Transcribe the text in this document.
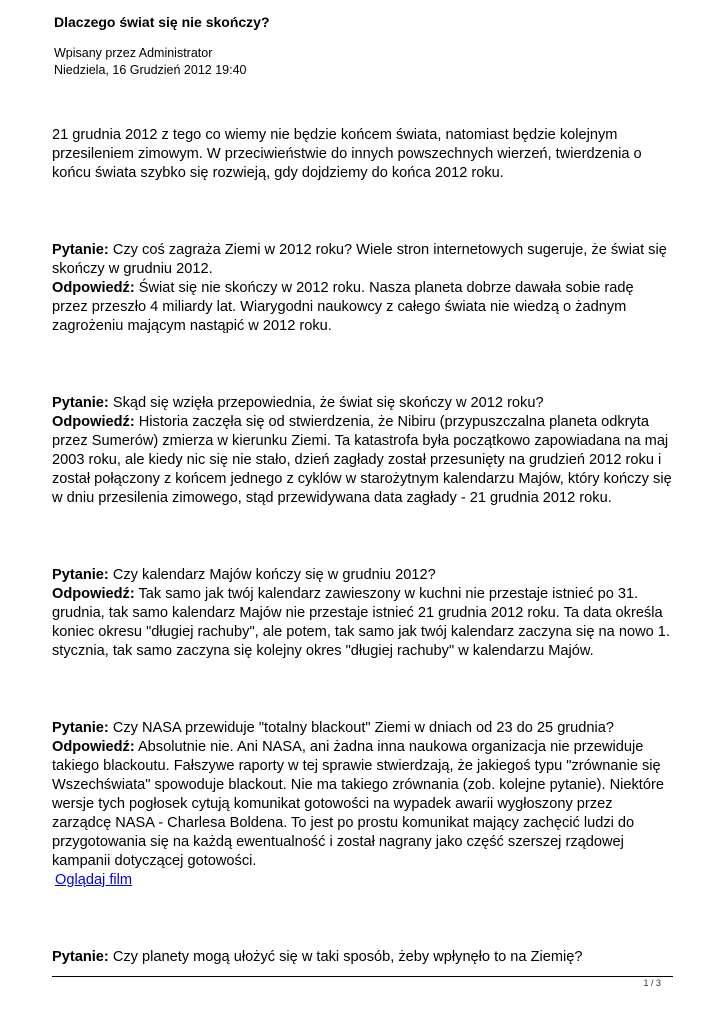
Dlaczego świat się nie skończy?
Wpisany przez Administrator
Niedziela, 16 Grudzień 2012 19:40

21 grudnia 2012 z tego co wiemy nie będzie końcem świata, natomiast będzie kolejnym przesileniem zimowym. W przeciwieństwie do innych powszechnych wierzeń, twierdzenia o końcu świata szybko się rozwieją, gdy dojdziemy do końca 2012 roku.

Pytanie: Czy coś zagraża Ziemi w 2012 roku? Wiele stron internetowych sugeruje, że świat się skończy w grudniu 2012.

Odpowiedź: Świat się nie skończy w 2012 roku. Nasza planeta dobrze dawała sobie radę przez przeszło 4 miliardy lat. Wiarygodni naukowcy z całego świata nie wiedzą o żadnym zagrożeniu mającym nastąpić w 2012 roku.

Pytanie: Skąd się wzięła przepowiednia, że świat się skończy w 2012 roku?

Odpowiedź: Historia zaczęła się od stwierdzenia, że Nibiru (przypuszczalna planeta odkryta przez Sumerów) zmierza w kierunku Ziemi. Ta katastrofa była początkowo zapowiadana na maj 2003 roku, ale kiedy nic się nie stało, dzień zagłady został przesunięty na grudzień 2012 roku i został połączony z końcem jednego z cyklów w starożytnym kalendarzu Majów, który kończy się w dniu przesilenia zimowego, stąd przewidywana data zagłady - 21 grudnia 2012 roku.

Pytanie: Czy kalendarz Majów kończy się w grudniu 2012?

Odpowiedź: Tak samo jak twój kalendarz zawieszony w kuchni nie przestaje istnieć po 31. grudnia, tak samo kalendarz Majów nie przestaje istnieć 21 grudnia 2012 roku. Ta data określa koniec okresu "długiej rachuby", ale potem, tak samo jak twój kalendarz zaczyna się na nowo 1. stycznia, tak samo zaczyna się kolejny okres "długiej rachuby" w kalendarzu Majów.

Pytanie: Czy NASA przewiduje "totalny blackout" Ziemi w dniach od 23 do 25 grudnia?

Odpowiedź: Absolutnie nie. Ani NASA, ani żadna inna naukowa organizacja nie przewiduje takiego blackoutu. Fałszywe raporty w tej sprawie stwierdzają, że jakiegoś typu "zrównanie się Wszechświata" spowoduje blackout. Nie ma takiego zrównania (zob. kolejne pytanie). Niektóre wersje tych pogłosek cytują komunikat gotowości na wypadek awarii wygłoszony przez zarządcę NASA - Charlesa Boldena. To jest po prostu komunikat mający zachęcić ludzi do przygotowania się na każdą ewentualność i został nagrany jako część szerszej rządowej kampanii dotyczącej gotowości.

Oglądaj film

Pytanie: Czy planety mogą ułożyć się w taki sposób, żeby wpłynęło to na Ziemię?

1 / 3
